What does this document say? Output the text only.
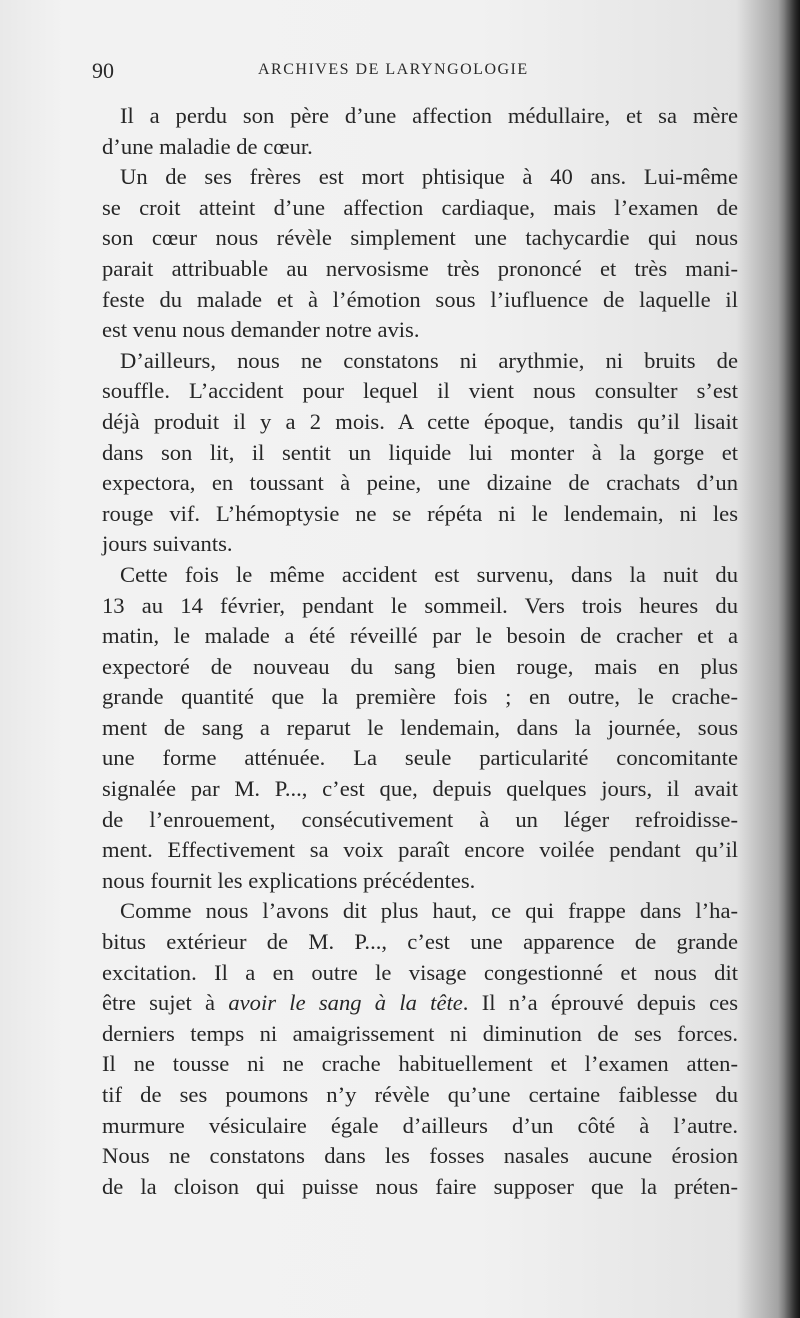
90	ARCHIVES DE LARYNGOLOGIE

Il a perdu son père d’une affection médullaire, et sa mère
d’une maladie de cœur.

Un de ses frères est mort phtisique à 40 ans. Lui-même
se croit atteint d’une affection cardiaque, mais l’examen de
son cœur nous révèle simplement une tachycardie qui nous
parait attribuable au nervosisme très prononcé et très mani-
feste du malade et à l’émotion sous l’iufluence de laquelle il
est venu nous demander notre avis.

D’ailleurs, nous ne constatons ni arythmie, ni bruits de
souffle. L’accident pour lequel il vient nous consulter s’est
déjà produit il y a 2 mois. A cette époque, tandis qu’il lisait
dans son lit, il sentit un liquide lui monter à la gorge et
expectora, en toussant à peine, une dizaine de crachats d’un
rouge vif. L’hémoptysie ne se répéta ni le lendemain, ni les
jours suivants.

Cette fois le même accident est survenu, dans la nuit du
13 au 14 février, pendant le sommeil. Vers trois heures du
matin, le malade a été réveillé par le besoin de cracher et a
expectoré de nouveau du sang bien rouge, mais en plus
grande quantité que la première fois ; en outre, le crache-
ment de sang a reparut le lendemain, dans la journée, sous
une forme atténuée. La seule particularité concomitante
signalée par M. P..., c’est que, depuis quelques jours, il avait
de l’enrouement, consécutivement à un léger refroidisse-
ment. Effectivement sa voix paraît encore voilée pendant qu’il
nous fournit les explications précédentes.

Comme nous l’avons dit plus haut, ce qui frappe dans l’ha-
bitus extérieur de M. P..., c’est une apparence de grande
excitation. Il a en outre le visage congestionné et nous dit
être sujet à avoir le sang à la tête. Il n’a éprouvé depuis ces
derniers temps ni amaigrissement ni diminution de ses forces.
Il ne tousse ni ne crache habituellement et l’examen atten-
tif de ses poumons n’y révèle qu’une certaine faiblesse du
murmure vésiculaire égale d’ailleurs d’un côté à l’autre.
Nous ne constatons dans les fosses nasales aucune érosion
de la cloison qui puisse nous faire supposer que la préten-
